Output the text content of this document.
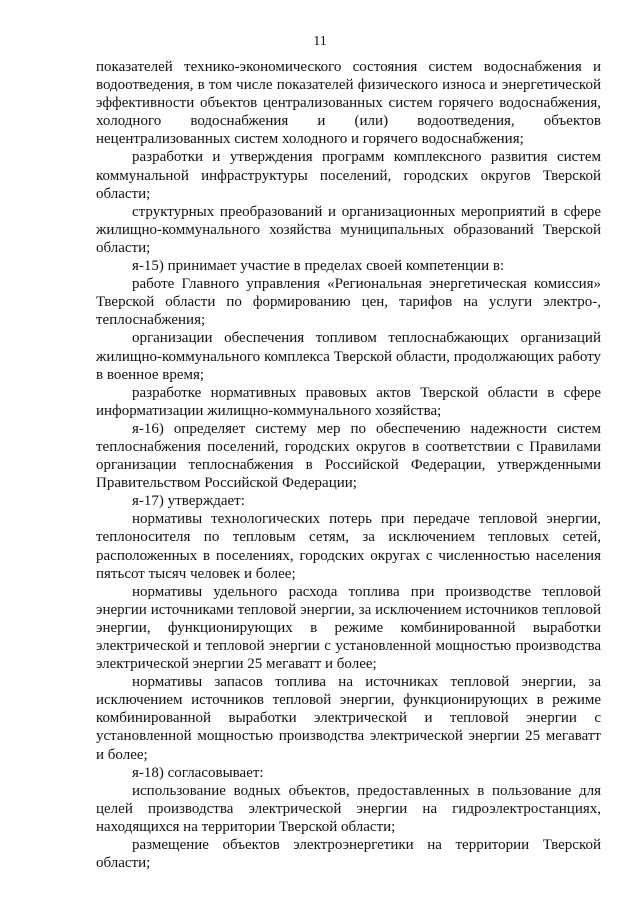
11

показателей технико-экономического состояния систем водоснабжения и водоотведения, в том числе показателей физического износа и энергетической эффективности объектов централизованных систем горячего водоснабжения, холодного водоснабжения и (или) водоотведения, объектов нецентрализованных систем холодного и горячего водоснабжения;

разработки и утверждения программ комплексного развития систем коммунальной инфраструктуры поселений, городских округов Тверской области;

структурных преобразований и организационных мероприятий в сфере жилищно-коммунального хозяйства муниципальных образований Тверской области;

я-15) принимает участие в пределах своей компетенции в:

работе Главного управления «Региональная энергетическая комиссия» Тверской области по формированию цен, тарифов на услуги электро-, теплоснабжения;

организации обеспечения топливом теплоснабжающих организаций жилищно-коммунального комплекса Тверской области, продолжающих работу в военное время;

разработке нормативных правовых актов Тверской области в сфере информатизации жилищно-коммунального хозяйства;

я-16) определяет систему мер по обеспечению надежности систем теплоснабжения поселений, городских округов в соответствии с Правилами организации теплоснабжения в Российской Федерации, утвержденными Правительством Российской Федерации;

я-17) утверждает:

нормативы технологических потерь при передаче тепловой энергии, теплоносителя по тепловым сетям, за исключением тепловых сетей, расположенных в поселениях, городских округах с численностью населения пятьсот тысяч человек и более;

нормативы удельного расхода топлива при производстве тепловой энергии источниками тепловой энергии, за исключением источников тепловой энергии, функционирующих в режиме комбинированной выработки электрической и тепловой энергии с установленной мощностью производства электрической энергии 25 мегаватт и более;

нормативы запасов топлива на источниках тепловой энергии, за исключением источников тепловой энергии, функционирующих в режиме комбинированной выработки электрической и тепловой энергии с установленной мощностью производства электрической энергии 25 мегаватт и более;

я-18) согласовывает:

использование водных объектов, предоставленных в пользование для целей производства электрической энергии на гидроэлектростанциях, находящихся на территории Тверской области;

размещение объектов электроэнергетики на территории Тверской области;
